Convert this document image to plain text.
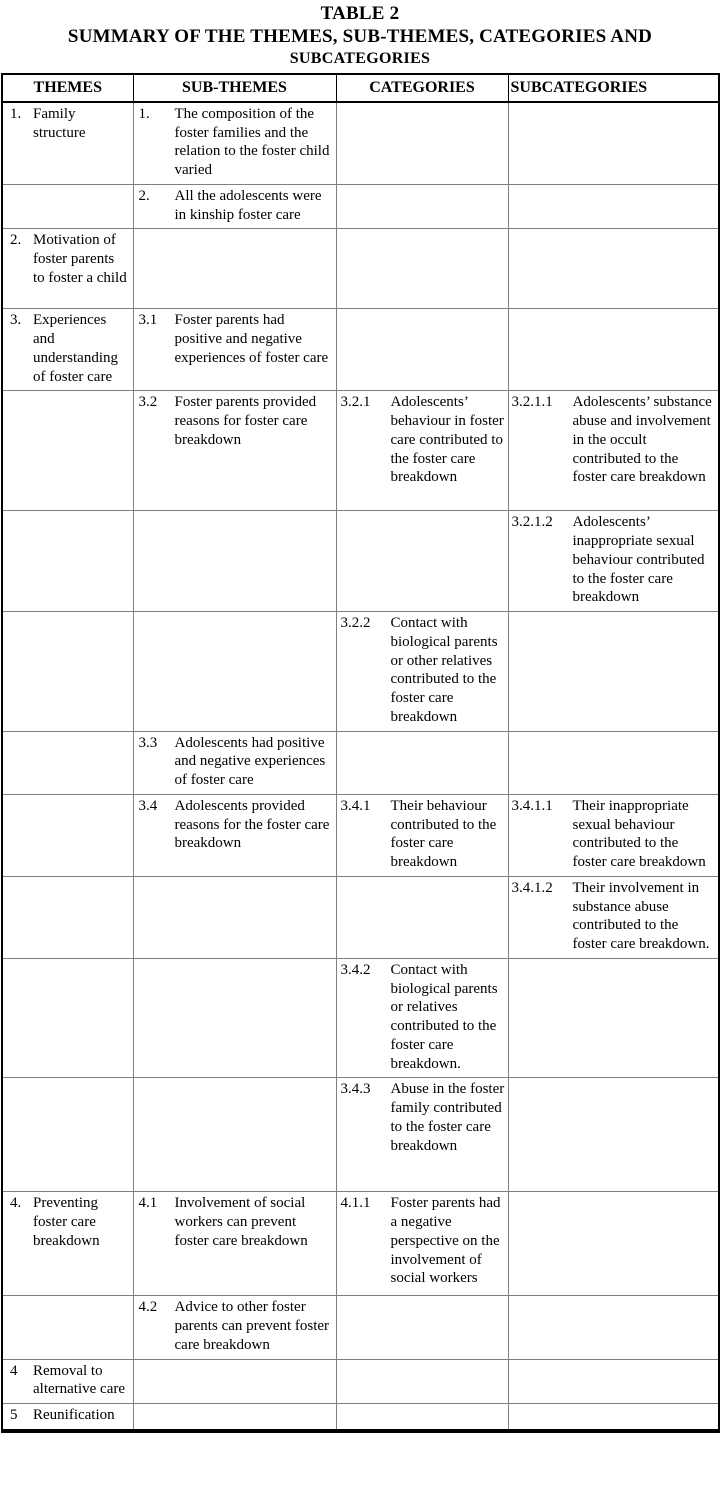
TABLE 2
SUMMARY OF THE THEMES, SUB-THEMES, CATEGORIES AND
SUBCATEGORIES
THEMES	SUB-THEMES	CATEGORIES	SUBCATEGORIES

1. Family structure	1. The composition of the foster families and the relation to the foster child varied		

	2. All the adolescents were in kinship foster care		

2. Motivation of foster parents to foster a child			

3. Experiences and understanding of foster care	3.1 Foster parents had positive and negative experiences of foster care		

	3.2 Foster parents provided reasons for foster care breakdown	3.2.1 Adolescents’ behaviour in foster care contributed to the foster care breakdown	3.2.1.1 Adolescents’ substance abuse and involvement in the occult contributed to the foster care breakdown

			3.2.1.2 Adolescents’ inappropriate sexual behaviour contributed to the foster care breakdown

		3.2.2 Contact with biological parents or other relatives contributed to the foster care breakdown	

	3.3 Adolescents had positive and negative experiences of foster care		

	3.4 Adolescents provided reasons for the foster care breakdown	3.4.1 Their behaviour contributed to the foster care breakdown	3.4.1.1 Their inappropriate sexual behaviour contributed to the foster care breakdown

			3.4.1.2 Their involvement in substance abuse contributed to the foster care breakdown.

		3.4.2 Contact with biological parents or relatives contributed to the foster care breakdown.	

		3.4.3 Abuse in the foster family contributed to the foster care breakdown	

4. Preventing foster care breakdown	4.1 Involvement of social workers can prevent foster care breakdown	4.1.1 Foster parents had a negative perspective on the involvement of social workers	

	4.2 Advice to other foster parents can prevent foster care breakdown		

4 Removal to alternative care			

5 Reunification			
